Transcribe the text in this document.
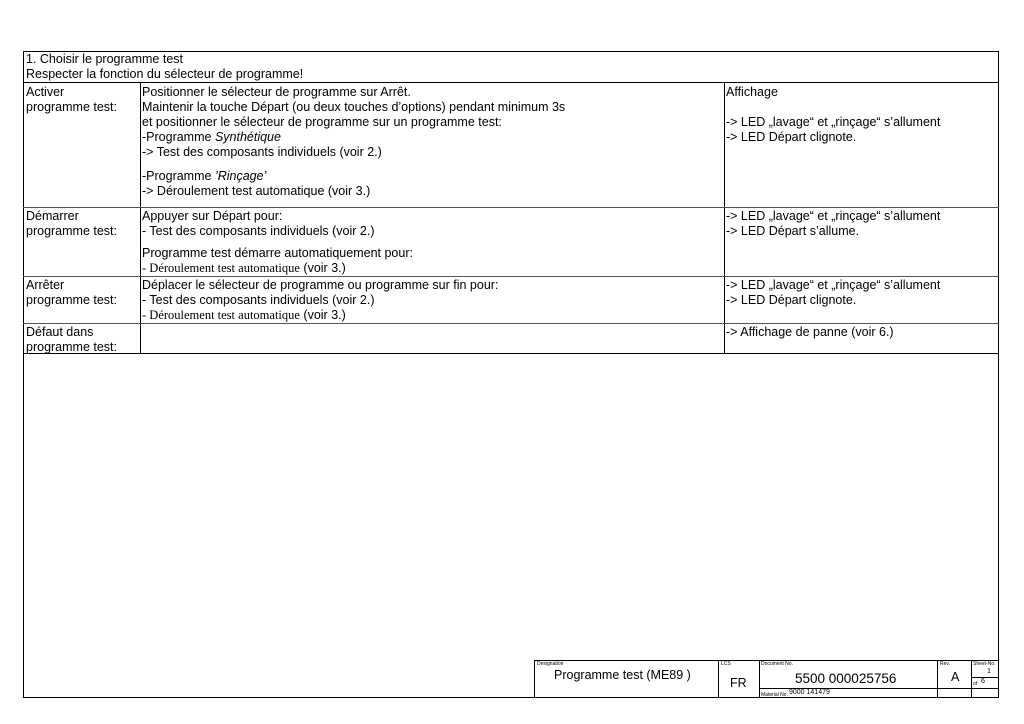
1. Choisir le programme test
Respecter la fonction du sélecteur de programme!
Activer
programme test:
Positionner le sélecteur de programme sur Arrêt.
Maintenir la touche Départ (ou deux touches d’options) pendant minimum 3s
et positionner le sélecteur de programme sur un programme test:
-Programme Synthétique
-> Test des composants individuels (voir 2.)
-Programme ’Rinçage’
-> Déroulement test automatique (voir 3.)
Affichage
-> LED „lavage“ et „rinçage“ s’allument
-> LED Départ clignote.
Démarrer
programme test:
Appuyer sur Départ pour:
- Test des composants individuels (voir 2.)
Programme test démarre automatiquement pour:
- Déroulement test automatique (voir 3.)
-> LED „lavage“ et „rinçage“ s’allument
-> LED Départ s’allume.
Arrêter
programme test:
Déplacer le sélecteur de programme ou programme sur fin pour:
- Test des composants individuels (voir 2.)
- Déroulement test automatique (voir 3.)
-> LED „lavage“ et „rinçage“ s’allument
-> LED Départ clignote.
Défaut dans
programme test:
-> Affichage de panne (voir 6.)
Designation
Programme test (ME89 )
LCS
FR
Document No.
5500 000025756
Material No. 9000 141479
Rev.
A
Sheet-No.
1
of 6
